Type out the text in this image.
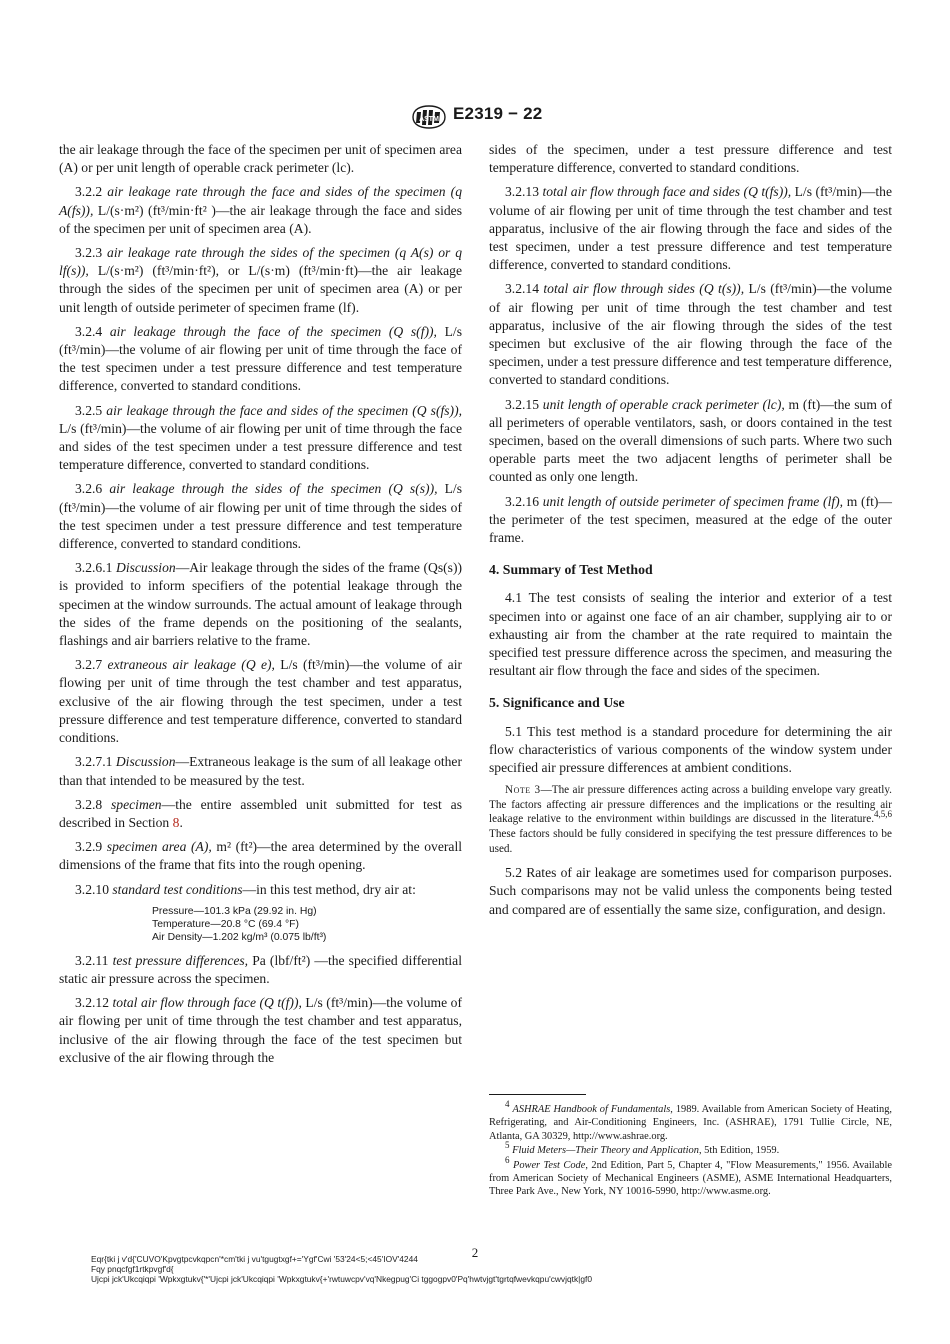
ASTM E2319 − 22

the air leakage through the face of the specimen per unit of specimen area (A) or per unit length of operable crack perimeter (lc).

3.2.2 air leakage rate through the face and sides of the specimen (q A(fs)), L/(s·m²) (ft³/min·ft² )—the air leakage through the face and sides of the specimen per unit of specimen area (A).

3.2.3 air leakage rate through the sides of the specimen (q A(s) or q lf(s)), L/(s·m²) (ft³/min·ft²), or L/(s·m) (ft³/min·ft)—the air leakage through the sides of the specimen per unit of specimen area (A) or per unit length of outside perimeter of specimen frame (lf).

3.2.4 air leakage through the face of the specimen (Q s(f)), L/s (ft³/min)—the volume of air flowing per unit of time through the face of the test specimen under a test pressure difference and test temperature difference, converted to standard conditions.

3.2.5 air leakage through the face and sides of the specimen (Q s(fs)), L/s (ft³/min)—the volume of air flowing per unit of time through the face and sides of the test specimen under a test pressure difference and test temperature difference, converted to standard conditions.

3.2.6 air leakage through the sides of the specimen (Q s(s)), L/s (ft³/min)—the volume of air flowing per unit of time through the sides of the test specimen under a test pressure difference and test temperature difference, converted to standard conditions.

3.2.6.1 Discussion—Air leakage through the sides of the frame (Qs(s)) is provided to inform specifiers of the potential leakage through the specimen at the window surrounds. The actual amount of leakage through the sides of the frame depends on the positioning of the sealants, flashings and air barriers relative to the frame.

3.2.7 extraneous air leakage (Q e), L/s (ft³/min)—the volume of air flowing per unit of time through the test chamber and test apparatus, exclusive of the air flowing through the test specimen, under a test pressure difference and test temperature difference, converted to standard conditions.

3.2.7.1 Discussion—Extraneous leakage is the sum of all leakage other than that intended to be measured by the test.

3.2.8 specimen—the entire assembled unit submitted for test as described in Section 8.

3.2.9 specimen area (A), m² (ft²)—the area determined by the overall dimensions of the frame that fits into the rough opening.

3.2.10 standard test conditions—in this test method, dry air at:

Pressure—101.3 kPa (29.92 in. Hg)
Temperature—20.8 °C (69.4 °F)
Air Density—1.202 kg/m³ (0.075 lb/ft³)

3.2.11 test pressure differences, Pa (lbf/ft²) —the specified differential static air pressure across the specimen.

3.2.12 total air flow through face (Q t(f)), L/s (ft³/min)—the volume of air flowing per unit of time through the test chamber and test apparatus, inclusive of the air flowing through the face of the test specimen but exclusive of the air flowing through the

sides of the specimen, under a test pressure difference and test temperature difference, converted to standard conditions.

3.2.13 total air flow through face and sides (Q t(fs)), L/s (ft³/min)—the volume of air flowing per unit of time through the test chamber and test apparatus, inclusive of the air flowing through the face and sides of the test specimen, under a test pressure difference and test temperature difference, converted to standard conditions.

3.2.14 total air flow through sides (Q t(s)), L/s (ft³/min)—the volume of air flowing per unit of time through the test chamber and test apparatus, inclusive of the air flowing through the sides of the test specimen but exclusive of the air flowing through the face of the specimen, under a test pressure difference and test temperature difference, converted to standard conditions.

3.2.15 unit length of operable crack perimeter (lc), m (ft)—the sum of all perimeters of operable ventilators, sash, or doors contained in the test specimen, based on the overall dimensions of such parts. Where two such operable parts meet the two adjacent lengths of perimeter shall be counted as only one length.

3.2.16 unit length of outside perimeter of specimen frame (lf), m (ft)—the perimeter of the test specimen, measured at the edge of the outer frame.

4. Summary of Test Method

4.1 The test consists of sealing the interior and exterior of a test specimen into or against one face of an air chamber, supplying air to or exhausting air from the chamber at the rate required to maintain the specified test pressure difference across the specimen, and measuring the resultant air flow through the face and sides of the specimen.

5. Significance and Use

5.1 This test method is a standard procedure for determining the air flow characteristics of various components of the window system under specified air pressure differences at ambient conditions.

Note 3—The air pressure differences acting across a building envelope vary greatly. The factors affecting air pressure differences and the implications or the resulting air leakage relative to the environment within buildings are discussed in the literature.$^{4,5,6}$ These factors should be fully considered in specifying the test pressure differences to be used.

5.2 Rates of air leakage are sometimes used for comparison purposes. Such comparisons may not be valid unless the components being tested and compared are of essentially the same size, configuration, and design.

$^4$ ASHRAE Handbook of Fundamentals, 1989. Available from American Society of Heating, Refrigerating, and Air-Conditioning Engineers, Inc. (ASHRAE), 1791 Tullie Circle, NE, Atlanta, GA 30329, http://www.ashrae.org.

$^5$ Fluid Meters—Their Theory and Application, 5th Edition, 1959.

$^6$ Power Test Code, 2nd Edition, Part 5, Chapter 4, "Flow Measurements," 1956. Available from American Society of Mechanical Engineers (ASME), ASME International Headquarters, Three Park Ave., New York, NY 10016-5990, http://www.asme.org.

2
Eqr{tki j v'd{'CUVO'Kpvgtpcvkqpcn'*cm'tki j vu'tgugtxgf+='Ygf'Cwi '53'24<5;<45'IOV'4244
Fqy pnqcfgf1rtkpvgf'd{
Ujcpi jck'Ukcqiqpi 'Wpkxgtukv{'*'Ujcpi jck'Ukcqiqpi 'Wpkxgtukv{+'rwtuwcpv'vq'Nkegpug'Ci tggogpv0'Pq'hwtvjgt'tgrtqfwevkqpu'cwvjqtk|gf0
